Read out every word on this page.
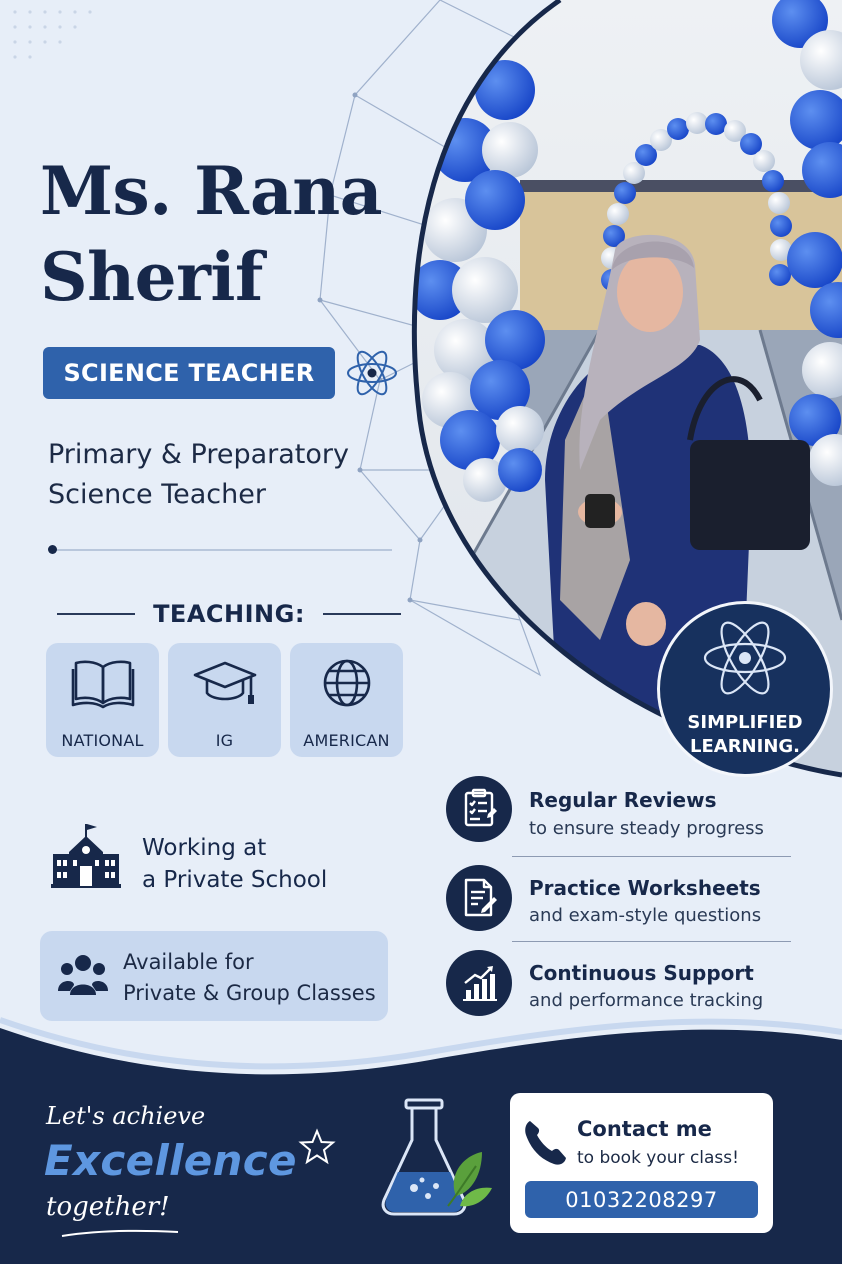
Ms. Rana
Sherif
SCIENCE TEACHER
Primary & Preparatory
Science Teacher
TEACHING:
NATIONAL	IG	AMERICAN
Working at
a Private School
Available for
Private & Group Classes
SIMPLIFIED
LEARNING.
Regular Reviews
to ensure steady progress
Practice Worksheets
and exam-style questions
Continuous Support
and performance tracking
Let's achieve
Excellence
together!
Contact me
to book your class!
01032208297
